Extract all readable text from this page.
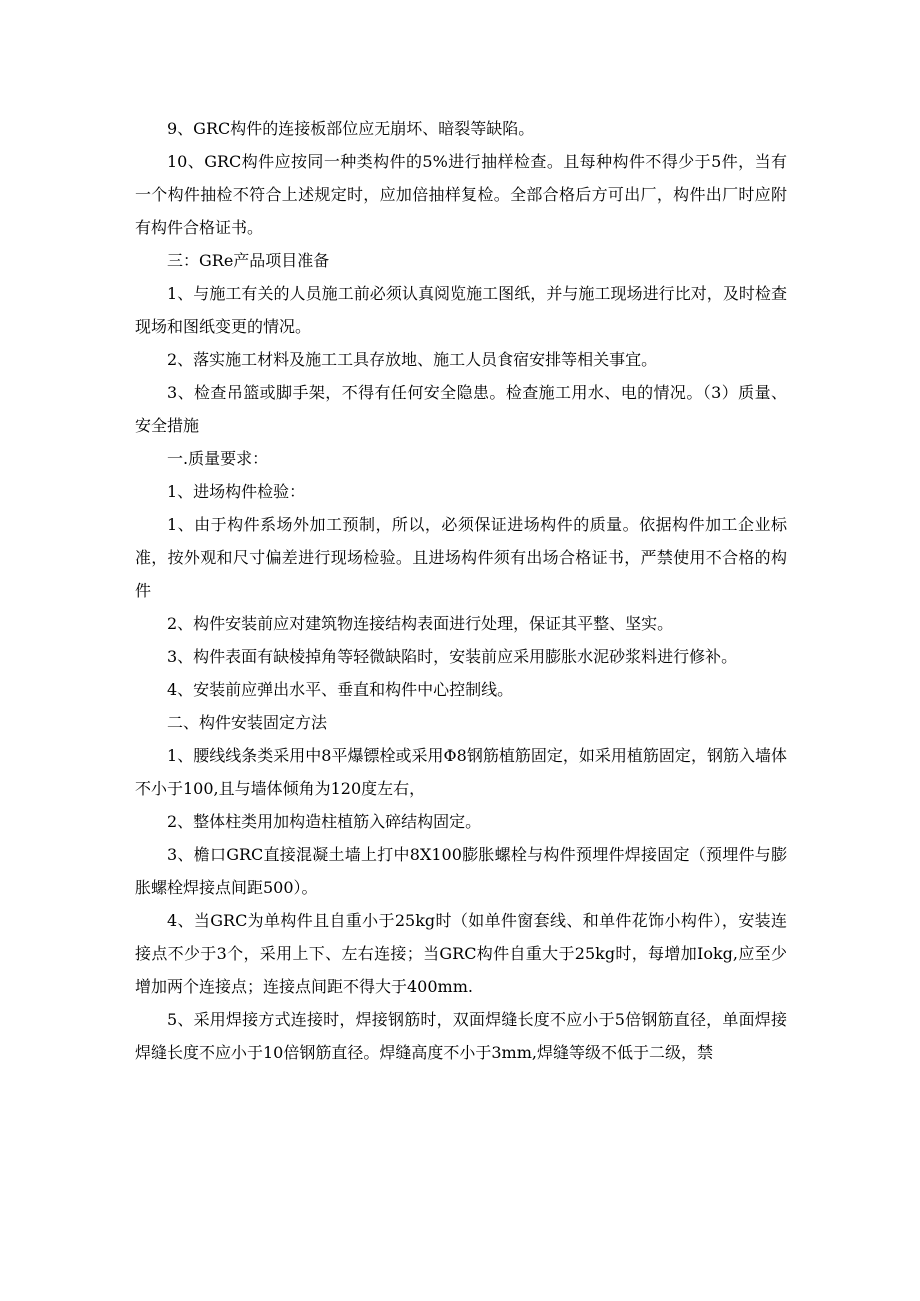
9、GRC构件的连接板部位应无崩坏、暗裂等缺陷。

10、GRC构件应按同一种类构件的5%进行抽样检查。且每种构件不得少于5件，当有一个构件抽检不符合上述规定时，应加倍抽样复检。全部合格后方可出厂，构件出厂时应附有构件合格证书。

三：GRe产品项目准备

1、与施工有关的人员施工前必须认真阅览施工图纸，并与施工现场进行比对，及时检查现场和图纸变更的情况。

2、落实施工材料及施工工具存放地、施工人员食宿安排等相关事宜。

3、检查吊篮或脚手架，不得有任何安全隐患。检查施工用水、电的情况。（3）质量、安全措施

一.质量要求：

1、进场构件检验：

1、由于构件系场外加工预制，所以，必须保证进场构件的质量。依据构件加工企业标准，按外观和尺寸偏差进行现场检验。且进场构件须有出场合格证书，严禁使用不合格的构件

2、构件安装前应对建筑物连接结构表面进行处理，保证其平整、坚实。

3、构件表面有缺棱掉角等轻微缺陷时，安装前应采用膨胀水泥砂浆料进行修补。

4、安装前应弹出水平、垂直和构件中心控制线。

二、构件安装固定方法

1、腰线线条类采用中8平爆镖栓或采用Φ8钢筋植筋固定，如采用植筋固定，钢筋入墙体不小于100,且与墙体倾角为120度左右，

2、整体柱类用加构造柱植筋入碎结构固定。

3、檐口GRC直接混凝土墙上打中8X100膨胀螺栓与构件预埋件焊接固定（预埋件与膨胀螺栓焊接点间距500）。

4、当GRC为单构件且自重小于25kg时（如单件窗套线、和单件花饰小构件），安装连接点不少于3个，采用上下、左右连接；当GRC构件自重大于25kg时，每增加Iokg,应至少增加两个连接点；连接点间距不得大于400mm.

5、采用焊接方式连接时，焊接钢筋时，双面焊缝长度不应小于5倍钢筋直径，单面焊接焊缝长度不应小于10倍钢筋直径。焊缝高度不小于3mm,焊缝等级不低于二级，禁
